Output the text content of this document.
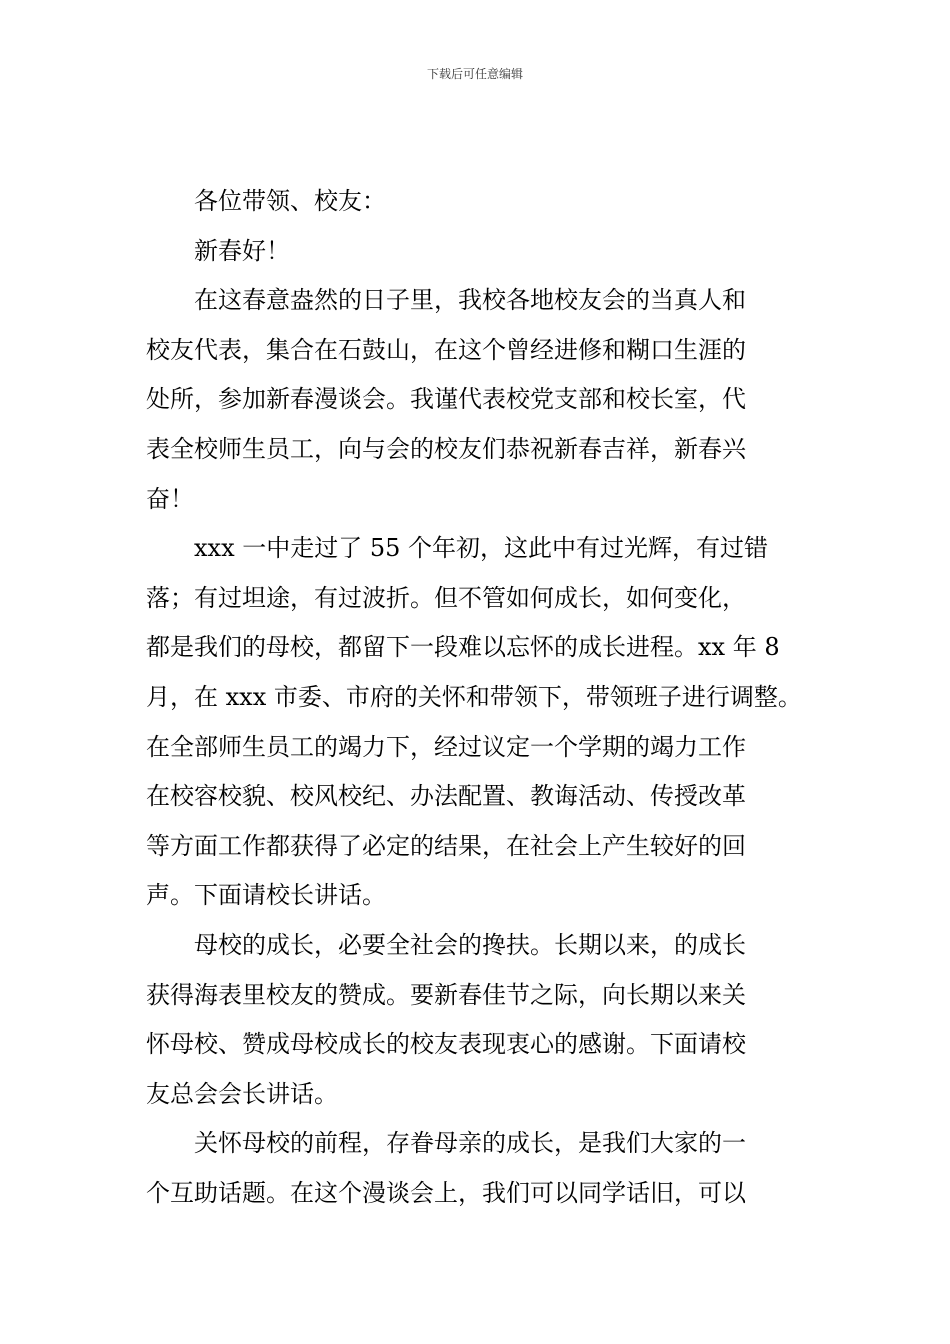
下载后可任意编辑

各位带领、校友：

新春好！

在这春意盎然的日子里，我校各地校友会的当真人和
校友代表，集合在石鼓山，在这个曾经进修和糊口生涯的
处所，参加新春漫谈会。我谨代表校党支部和校长室，代
表全校师生员工，向与会的校友们恭祝新春吉祥，新春兴
奋！

xxx 一中走过了 55 个年初，这此中有过光辉，有过错
落；有过坦途，有过波折。但不管如何成长，如何变化，
都是我们的母校，都留下一段难以忘怀的成长进程。xx 年 8
月，在 xxx 市委、市府的关怀和带领下，带领班子进行调整。
在全部师生员工的竭力下，经过议定一个学期的竭力工作
在校容校貌、校风校纪、办法配置、教诲活动、传授改革
等方面工作都获得了必定的结果，在社会上产生较好的回
声。下面请校长讲话。

母校的成长，必要全社会的搀扶。长期以来，的成长
获得海表里校友的赞成。要新春佳节之际，向长期以来关
怀母校、赞成母校成长的校友表现衷心的感谢。下面请校
友总会会长讲话。

关怀母校的前程，存眷母亲的成长，是我们大家的一
个互助话题。在这个漫谈会上，我们可以同学话旧，可以
